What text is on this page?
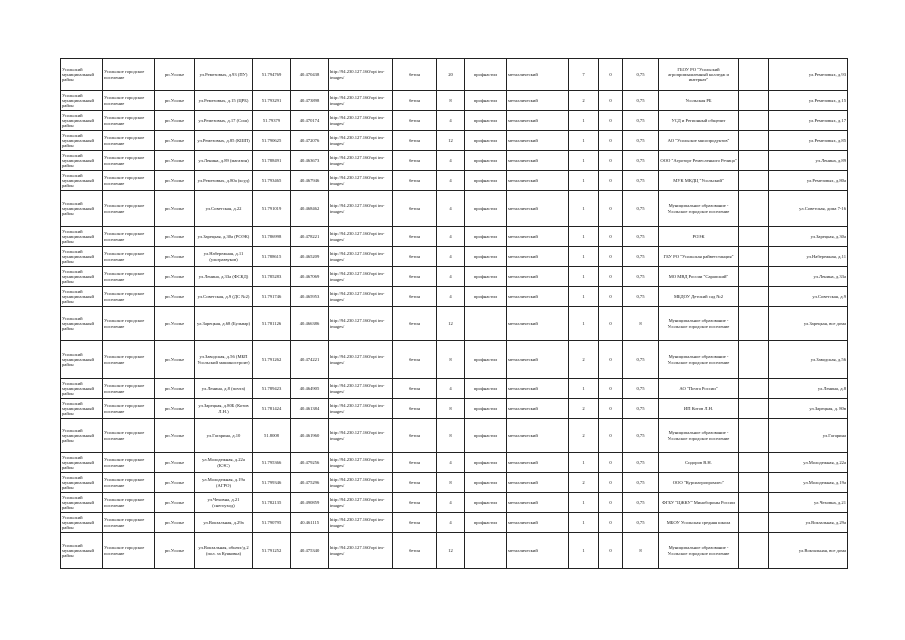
Усольский муниципальный район	Усольское городское поселение	рп.Усолье	ул.Ремезовых, д.93 (ПУ)	51.794769	40.470438	http://94.230.127.160/opt im-images/	бетон	20	профнастил	металлический	7	0	0,75	ГБОУ РО "Усольский агропромышленный колледж и интернат"		ул.Ремезовых, д.93
Усольский муниципальный район	Усольское городское поселение	рп.Усолье	ул.Ремезовых, д.15 (ЦРБ)	51.793291	40.473898	http://94.230.127.160/opt im-images/	бетон	8	профнастил	металлический	2	0	0,75	Усольская РБ		ул.Ремезовых, д.15
Усольский муниципальный район	Усольское городское поселение	рп.Усолье	ул.Ремезовых, д.17 (Сош)	51.79379	40.470174	http://94.230.127.160/opt im-images/	бетон	4	профнастил	металлический	1	0	0,75	УСД и Регионный общепит		ул.Ремезовых, д.17
Усольский муниципальный район	Усольское городское поселение	рп.Усолье	ул.Ремезовых, д.85 (КШП)	51.790625	40.472076	http://94.230.127.160/opt im-images/	бетон	12	профнастил	металлический	1	0	0,75	АО "Усольское мясопродуктов"		ул.Ремезовых, д.85
Усольский муниципальный район	Усольское городское поселение	рп.Усолье	ул.Ленина, д.89 (магазин)	51.788491	40.463673	http://94.230.127.160/opt im-images/	бетон	4	профнастил	металлический	1	0	0,75	ООО "Агроторг Ремесленного Речица"		ул.Ленина, д.89
Усольский муниципальный район	Усольское городское поселение	рп.Усолье	ул.Ремезовых, д.80а (ксуд)	51.793465	40.467946	http://94.230.127.160/opt im-images/	бетон	4	профнастил	металлический	1	0	0,75	МУК МКДЦ "Усольский"		ул.Ремезовых, д.80а
Усольский муниципальный район	Усольское городское поселение	рп.Усолье	ул.Советская, д.22	51.791019	40.468462	http://94.230.127.160/opt im-images/	бетон	4	профнастил	металлический	1	0	0,75	Муниципальное образование - Усольское городское поселение		ул.Советская, дома 7-16
Усольский муниципальный район	Усольское городское поселение	рп.Усолье	ул.Зарецкая, д.30а (РОЭК)	51.786998	40.478221	http://94.230.127.160/opt im-images/	бетон	4	профнастил	металлический	1	0	0,75	РОЭК		ул.Зарецкая, д.30а
Усольский муниципальный район	Усольское городское поселение	рп.Усолье	ул.Набережная, д.11 (ультразвуков)	51.788615	40.465209	http://94.230.127.160/opt im-images/	бетон	4	профнастил	металлический	1	0	0,75	ГБУ РО "Усольская райветстанция"		ул.Набережная, д.11
Усольский муниципальный район	Усольское городское поселение	рп.Усолье	ул.Ленина, д.33а (ФСКД)	51.785283	40.467069	http://94.230.127.160/opt im-images/	бетон	4	профнастил	металлический	1	0	0,75	МО МВД России "Сарапский"		ул.Ленина, д.33а
Усольский муниципальный район	Усольское городское поселение	рп.Усолье	ул.Советская, д.9 (ДС №2)	51.791746	40.465953	http://94.230.127.160/opt im-images/	бетон	4	профнастил	металлический	1	0	0,75	МБДОУ Детский сад №2		ул.Советская, д.9
Усольский муниципальный район	Усольское городское поселение	рп.Усолье	ул.Зарецкая, д.68 (Бульвар)	51.781126	40.466386	http://94.230.127.160/opt im-images/	бетон	12		металлический	1	0	8	Муниципальное образование - Усольское городское поселение		ул.Зарецкая, все дома
Усольский муниципальный район	Усольское городское поселение	рп.Усолье	ул.Заводская, д.56 (МБП Усольский машиностроит)	51.791262	40.474221	http://94.230.127.160/opt im-images/	бетон	8	профнастил	металлический	2	0	0,75	Муниципальное образование - Усольское городское поселение		ул.Заводская, д.56
Усольский муниципальный район	Усольское городское поселение	рп.Усолье	ул.Ленина, д.8 (почта)	51.789423	40.464905	http://94.230.127.160/opt im-images/	бетон	4	профнастил	металлический	1	0	0,75	АО "Почта России"		ул.Ленина, д.8
Усольский муниципальный район	Усольское городское поселение	рп.Усолье	ул.Зарецкая, д.80Б (Котов Л.Н.)	51.781424	40.461384	http://94.230.127.160/opt im-images/	бетон	8	профнастил	металлический	2	0	0,75	ИП Котов Л.Н.		ул.Зарецкая, д. 80в
Усольский муниципальный район	Усольское городское поселение	рп.Усолье	ул.Гагарина, д.10	51.8008	40.461960	http://94.230.127.160/opt im-images/	бетон	8	профнастил	металлический	2	0	0,75	Муниципальное образование - Усольское городское поселение		ул.Гагарина
Усольский муниципальный район	Усольское городское поселение	рп.Усолье	ул.Молодежная, д.22а (КЭС)	51.795366	40.479256	http://94.230.127.160/opt im-images/	бетон	4	профнастил	металлический	1	0	0,75	Сидоров В.Н.		ул.Молодежная, д.22а
Усольский муниципальный район	Усольское городское поселение	рп.Усолье	ул.Молодежная, д.19а (АГРО)	51.799346	40.475296	http://94.230.127.160/opt im-images/	бетон	8	профнастил	металлический	2	0	0,75	ООО "Курсиагропромлес"		ул.Молодежная, д.19а
Усольский муниципальный район	Усольское городское поселение	рп.Усолье	ул.Чеховна, д.21 (снегоуход)	51.782135	40.490859	http://94.230.127.160/opt im-images/	бетон	4	профнастил	металлический	1	0	0,75	ФГБУ "ЦЖКУ" Минобороны России		ул.Чеховна, д.21
Усольский муниципальный район	Усольское городское поселение	рп.Усолье	ул.Вокзальная, д.29а	51.790795	40.461115	http://94.230.127.160/opt im-images/	бетон	4	профнастил	металлический	1	0	0,75	МБОУ Усольская средняя школа		ул.Вокзальная, д.29а
Усольский муниципальный район	Усольское городское поселение	рп.Усолье	ул.Вокзальная, обьект/д.2 (пол. за Куяковка)	51.791252	40.475340	http://94.230.127.160/opt im-images/	бетон	12		металлический	1	0	8	Муниципальное образование - Усольское городское поселение		ул.Вокзальная, все дома
